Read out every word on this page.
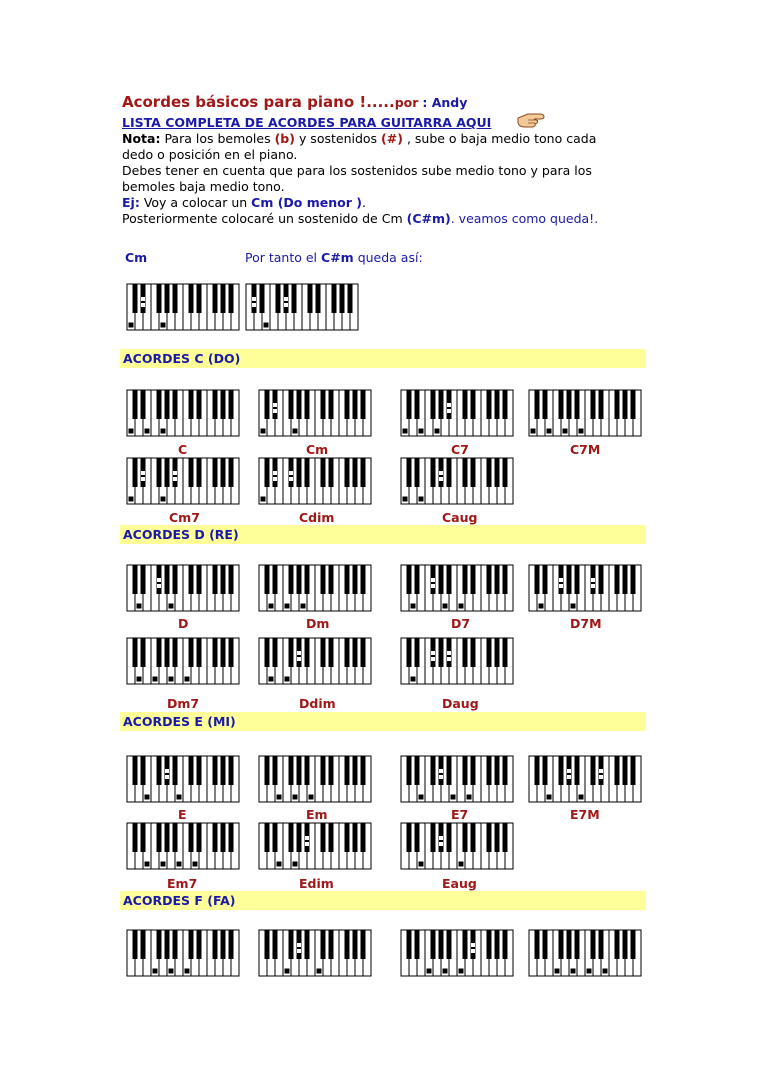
Acordes básicos para piano !.....por : Andy
LISTA COMPLETA DE ACORDES PARA GUITARRA AQUI
Nota: Para los bemoles (b) y sostenidos (#) , sube o baja medio tono cada
dedo o posición en el piano.
Debes tener en cuenta que para los sostenidos sube medio tono y para los
bemoles baja medio tono.
Ej: Voy a colocar un Cm (Do menor ).
Posteriormente colocaré un sostenido de Cm (C#m). veamos como queda!.
Cm	Por tanto el C#m queda así:
ACORDES C (DO)
ACORDES D (RE)
ACORDES E (MI)
ACORDES F (FA)
C	Cm	C7	C7M
Cm7	Cdim	Caug
D	Dm	D7	D7M
Dm7	Ddim	Daug
E	Em	E7	E7M
Em7	Edim	Eaug
